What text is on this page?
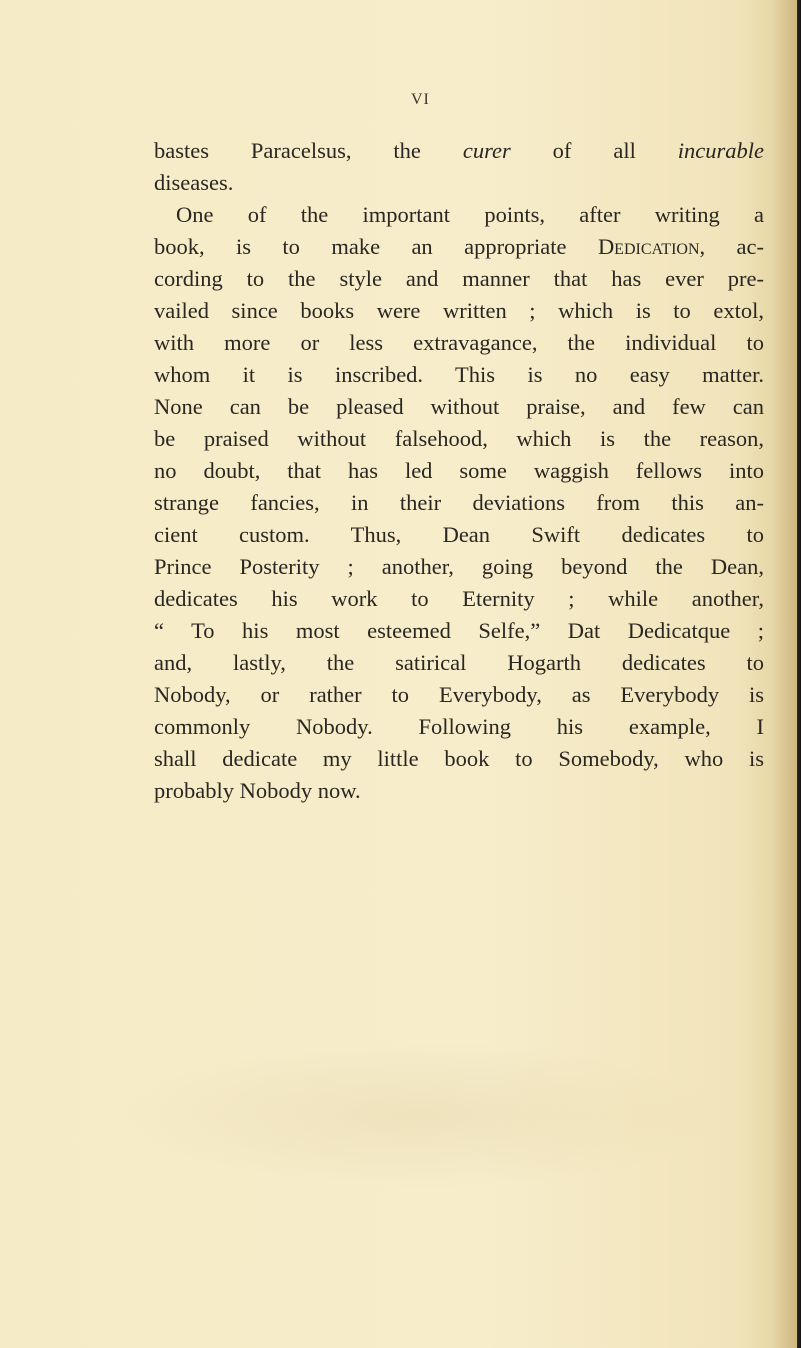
VI
bastes Paracelsus, the curer of all incurable
diseases.
One of the important points, after writing a
book, is to make an appropriate Dedication, ac-
cording to the style and manner that has ever pre-
vailed since books were written ; which is to extol,
with more or less extravagance, the individual to
whom it is inscribed. This is no easy matter.
None can be pleased without praise, and few can
be praised without falsehood, which is the reason,
no doubt, that has led some waggish fellows into
strange fancies, in their deviations from this an-
cient custom. Thus, Dean Swift dedicates to
Prince Posterity ; another, going beyond the Dean,
dedicates his work to Eternity ; while another,
“ To his most esteemed Selfe,” Dat Dedicatque ;
and, lastly, the satirical Hogarth dedicates to
Nobody, or rather to Everybody, as Everybody is
commonly Nobody. Following his example, I
shall dedicate my little book to Somebody, who is
probably Nobody now.
